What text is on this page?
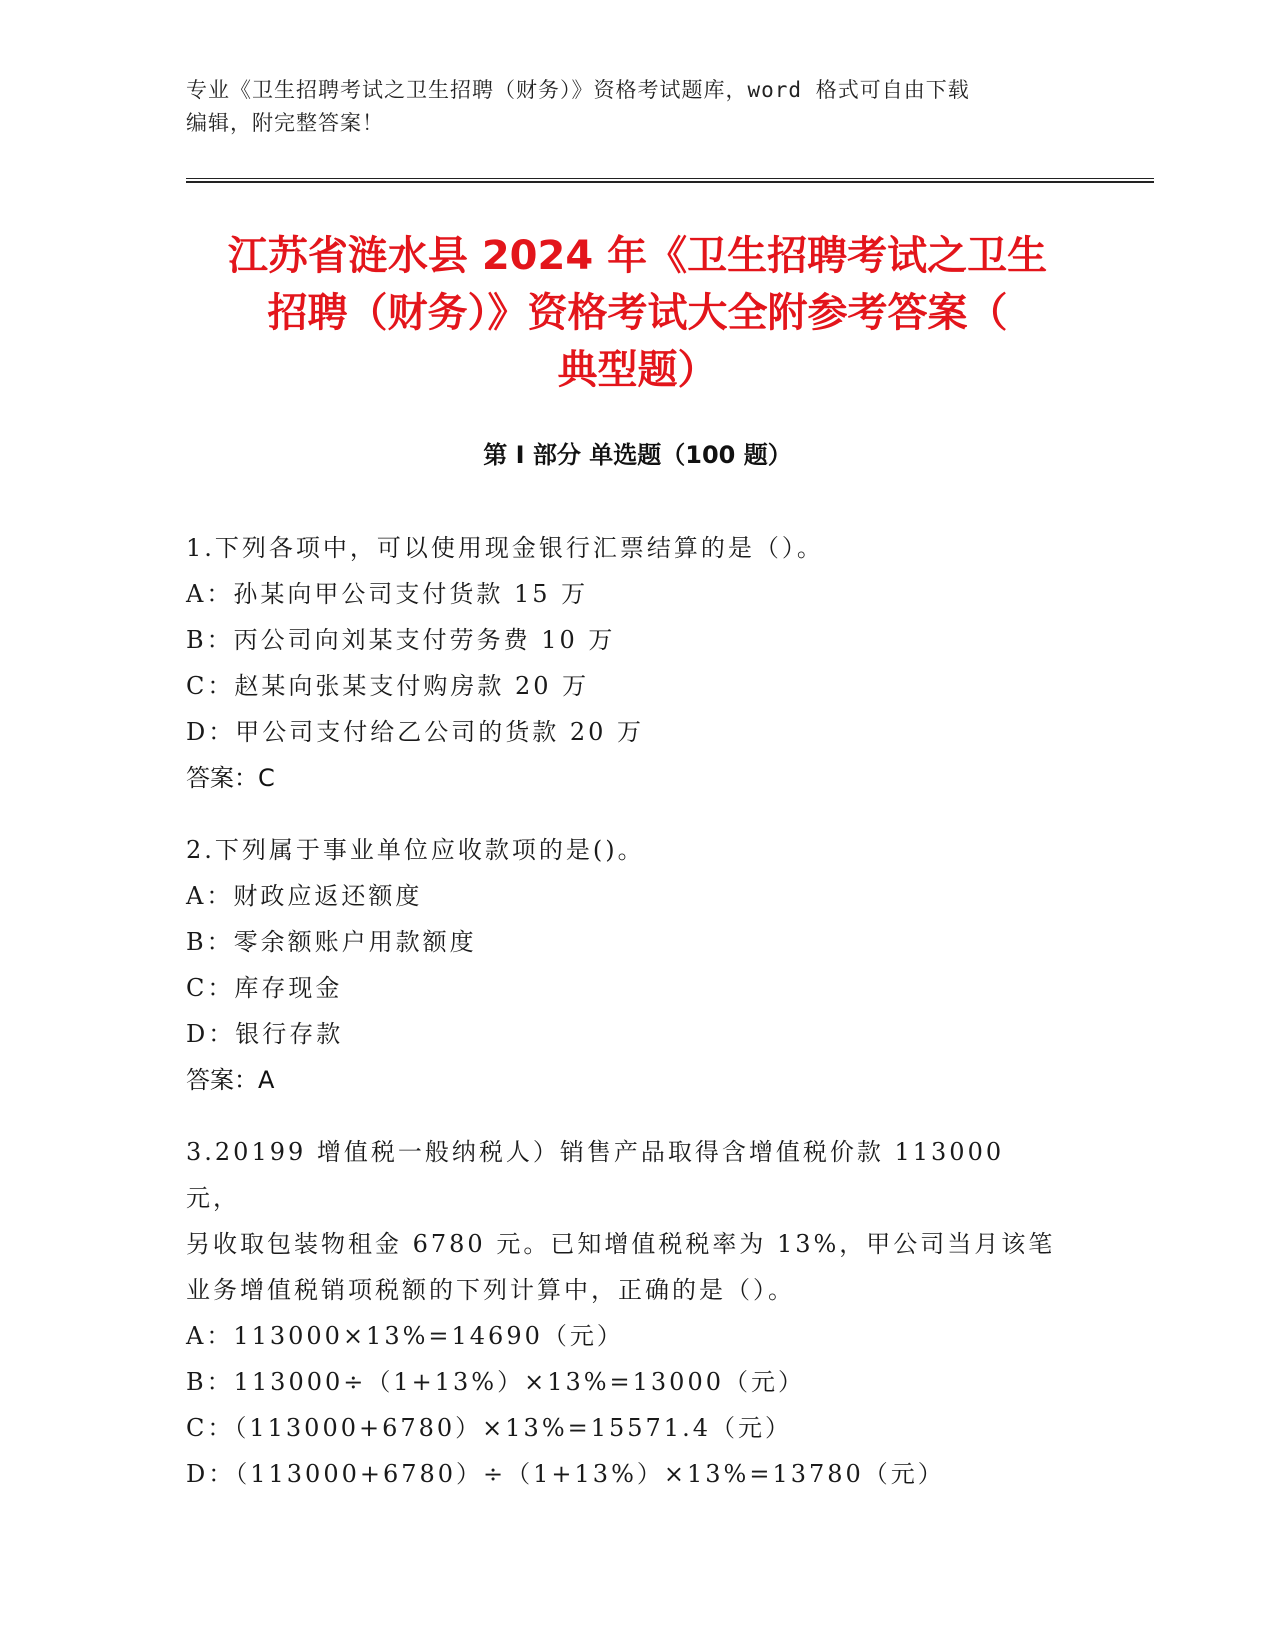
专业《卫生招聘考试之卫生招聘（财务）》资格考试题库，word 格式可自由下载
编辑，附完整答案！
江苏省涟水县 2024 年《卫生招聘考试之卫生
招聘（财务）》资格考试大全附参考答案（
典型题）
第 I 部分 单选题（100 题）

1.下列各项中，可以使用现金银行汇票结算的是（）。

A：孙某向甲公司支付货款 15 万

B：丙公司向刘某支付劳务费 10 万

C：赵某向张某支付购房款 20 万

D：甲公司支付给乙公司的货款 20 万

答案：C

2.下列属于事业单位应收款项的是()。

A：财政应返还额度

B：零余额账户用款额度

C：库存现金

D：银行存款

答案：A

3.20199 增值税一般纳税人）销售产品取得含增值税价款 113000 元，

另收取包装物租金 6780 元。已知增值税税率为 13%，甲公司当月该笔

业务增值税销项税额的下列计算中，正确的是（）。

A：113000×13%=14690（元）

B：113000÷（1+13%）×13%=13000（元）

C：（113000+6780）×13%=15571.4（元）

D：（113000+6780）÷（1+13%）×13%=13780（元）
